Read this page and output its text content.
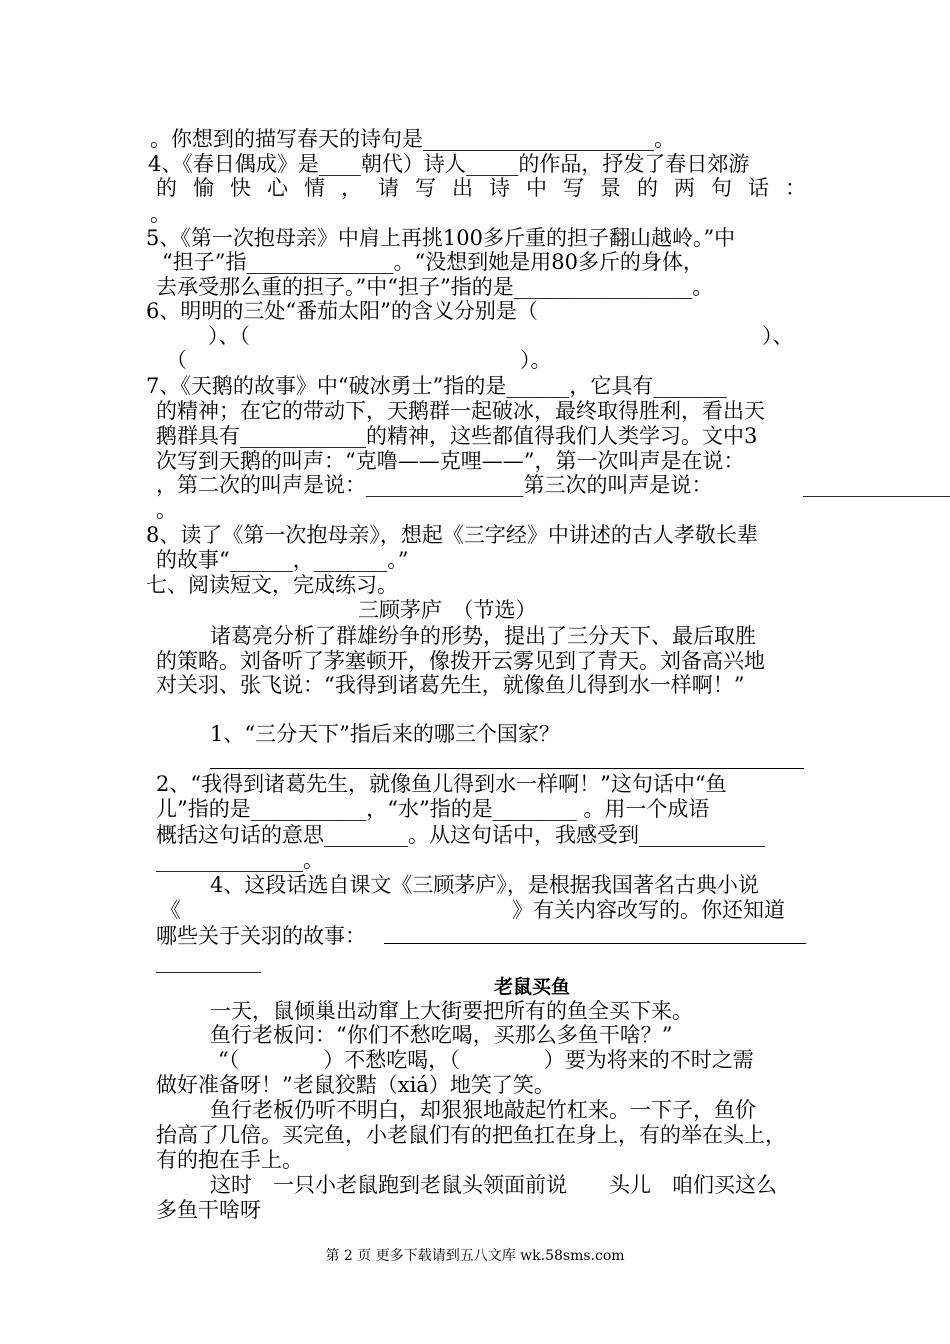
。你想到的描写春天的诗句是______________________。
4、《春日偶成》是____朝代）诗人_____的作品，抒发了春日郊游
的愉快心情，请写出诗中写景的两句话：
。
5、《第一次抱母亲》中肩上再挑100多斤重的担子翻山越岭。”中
“担子”指______________。“没想到她是用80多斤的身体，
去承受那么重的担子。”中“担子”指的是_________________。
6、明明的三处“番茄太阳”的含义分别是（
）、（	）、
（	）。
7、《天鹅的故事》中“破冰勇士”指的是______，它具有_______
的精神；在它的带动下，天鹅群一起破冰，最终取得胜利，看出天
鹅群具有____________的精神，这些都值得我们人类学习。文中3
次写到天鹅的叫声：“克噜——克哩——”，第一次叫声是在说：
，第二次的叫声是说：_______________第三次的叫声是说：	______________
。
8、读了《第一次抱母亲》，想起《三字经》中讲述的古人孝敬长辈
的故事“______，_______。”
七、阅读短文，完成练习。
三顾茅庐　（节选）
诸葛亮分析了群雄纷争的形势，提出了三分天下、最后取胜
的策略。刘备听了茅塞顿开，像拨开云雾见到了青天。刘备高兴地
对关羽、张飞说：“我得到诸葛先生，就像鱼儿得到水一样啊！”
1、“三分天下”指后来的哪三个国家？
2、“我得到诸葛先生，就像鱼儿得到水一样啊！”这句话中“鱼
儿”指的是___________，“水”指的是________ 。用一个成语
概括这句话的意思________。从这句话中，我感受到____________
______________。
4、这段话选自课文《三顾茅庐》，是根据我国著名古典小说
《	》有关内容改写的。你还知道
哪些关于关羽的故事：
__________
老鼠买鱼
一天，鼠倾巢出动窜上大街要把所有的鱼全买下来。
鱼行老板问：“你们不愁吃喝，买那么多鱼干啥？”
“（　　　　）不愁吃喝，（　　　　）要为将来的不时之需
做好准备呀！”老鼠狡黠（xiá）地笑了笑。
鱼行老板仍听不明白，却狠狠地敲起竹杠来。一下子，鱼价
抬高了几倍。买完鱼，小老鼠们有的把鱼扛在身上，有的举在头上，
有的抱在手上。
这时　一只小老鼠跑到老鼠头领面前说　　头儿　咱们买这么
多鱼干啥呀
第 2 页 更多下载请到五八文库 wk.58sms.com
